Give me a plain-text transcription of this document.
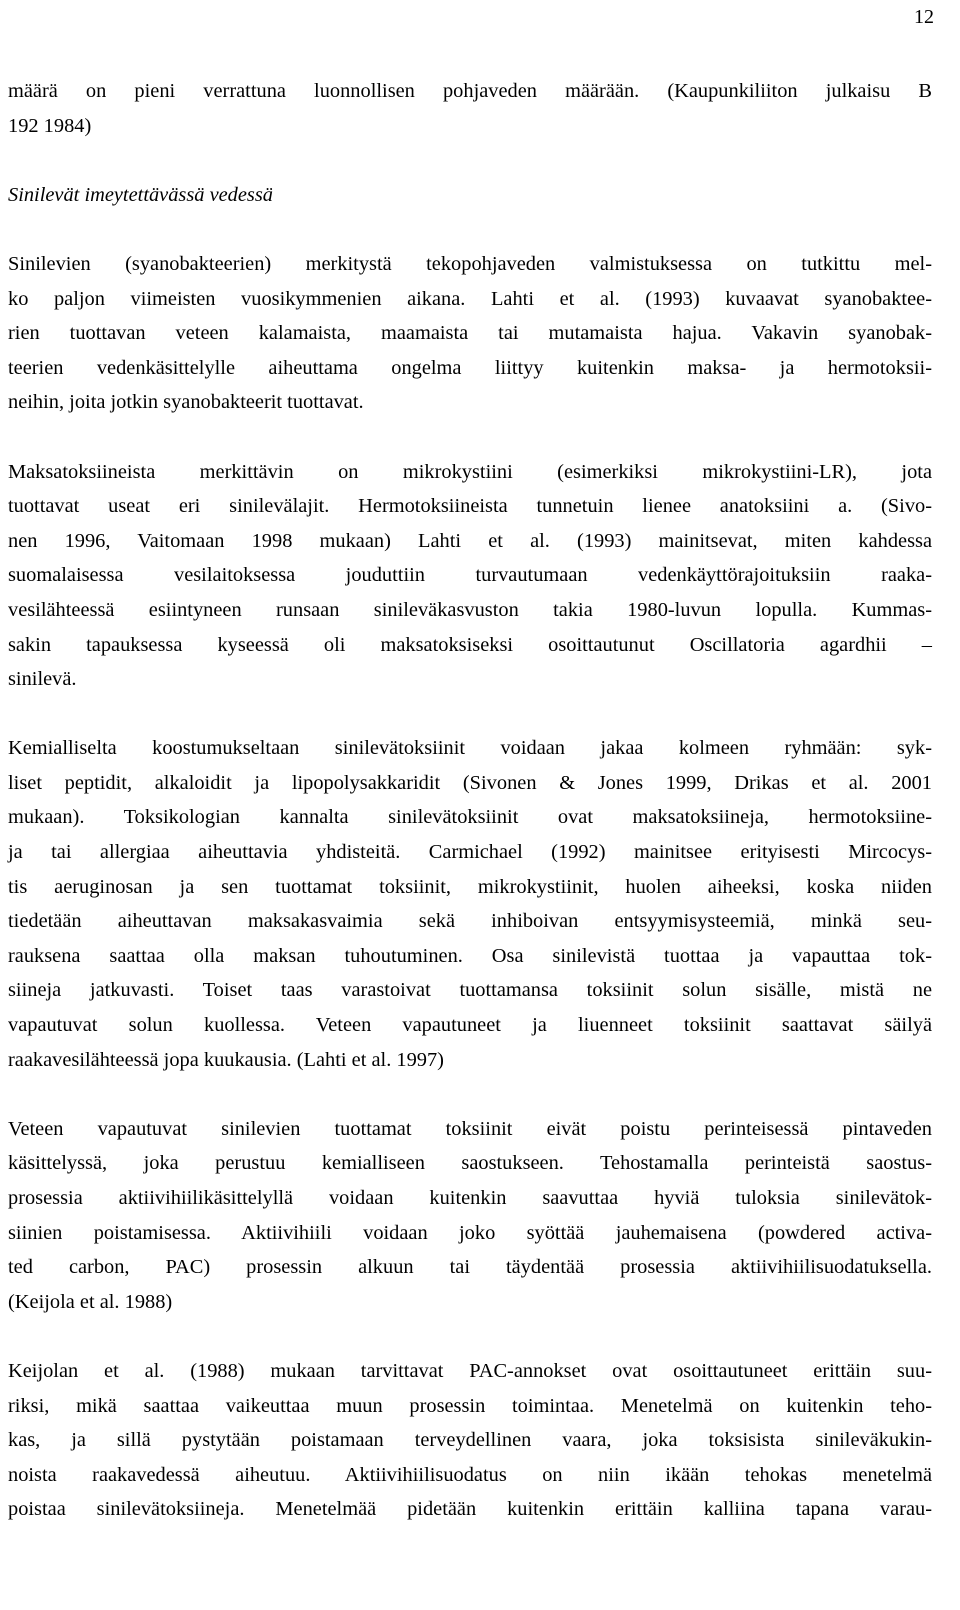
12
määrä on pieni verrattuna luonnollisen pohjaveden määrään. (Kaupunkiliiton julkaisu B
192 1984)
Sinilevät imeytettävässä vedessä
Sinilevien (syanobakteerien) merkitystä tekopohjaveden valmistuksessa on tutkittu mel-
ko paljon viimeisten vuosikymmenien aikana. Lahti et al. (1993) kuvaavat syanobaktee-
rien tuottavan veteen kalamaista, maamaista tai mutamaista hajua. Vakavin syanobak-
teerien vedenkäsittelylle aiheuttama ongelma liittyy kuitenkin maksa- ja hermotoksii-
neihin, joita jotkin syanobakteerit tuottavat.
Maksatoksiineista merkittävin on mikrokystiini (esimerkiksi mikrokystiini-LR), jota
tuottavat useat eri sinilevälajit. Hermotoksiineista tunnetuin lienee anatoksiini a. (Sivo-
nen 1996, Vaitomaan 1998 mukaan) Lahti et al. (1993) mainitsevat, miten kahdessa
suomalaisessa vesilaitoksessa jouduttiin turvautumaan vedenkäyttörajoituksiin raaka-
vesilähteessä esiintyneen runsaan sinileväkasvuston takia 1980-luvun lopulla. Kummas-
sakin tapauksessa kyseessä oli maksatoksiseksi osoittautunut Oscillatoria agardhii –
sinilevä.
Kemialliselta koostumukseltaan sinilevätoksiinit voidaan jakaa kolmeen ryhmään: syk-
liset peptidit, alkaloidit ja lipopolysakkaridit (Sivonen & Jones 1999, Drikas et al. 2001
mukaan). Toksikologian kannalta sinilevätoksiinit ovat maksatoksiineja, hermotoksiine-
ja tai allergiaa aiheuttavia yhdisteitä. Carmichael (1992) mainitsee erityisesti Mircocys-
tis aeruginosan ja sen tuottamat toksiinit, mikrokystiinit, huolen aiheeksi, koska niiden
tiedetään aiheuttavan maksakasvaimia sekä inhiboivan entsyymisysteemiä, minkä seu-
rauksena saattaa olla maksan tuhoutuminen. Osa sinilevistä tuottaa ja vapauttaa tok-
siineja jatkuvasti. Toiset taas varastoivat tuottamansa toksiinit solun sisälle, mistä ne
vapautuvat solun kuollessa. Veteen vapautuneet ja liuenneet toksiinit saattavat säilyä
raakavesilähteessä jopa kuukausia. (Lahti et al. 1997)
Veteen vapautuvat sinilevien tuottamat toksiinit eivät poistu perinteisessä pintaveden
käsittelyssä, joka perustuu kemialliseen saostukseen. Tehostamalla perinteistä saostus-
prosessia aktiivihiilikäsittelyllä voidaan kuitenkin saavuttaa hyviä tuloksia sinilevätok-
siinien poistamisessa. Aktiivihiili voidaan joko syöttää jauhemaisena (powdered activa-
ted carbon, PAC) prosessin alkuun tai täydentää prosessia aktiivihiilisuodatuksella.
(Keijola et al. 1988)
Keijolan et al. (1988) mukaan tarvittavat PAC-annokset ovat osoittautuneet erittäin suu-
riksi, mikä saattaa vaikeuttaa muun prosessin toimintaa. Menetelmä on kuitenkin teho-
kas, ja sillä pystytään poistamaan terveydellinen vaara, joka toksisista sinileväkukin-
noista raakavedessä aiheutuu. Aktiivihiilisuodatus on niin ikään tehokas menetelmä
poistaa sinilevätoksiineja. Menetelmää pidetään kuitenkin erittäin kalliina tapana varau-
